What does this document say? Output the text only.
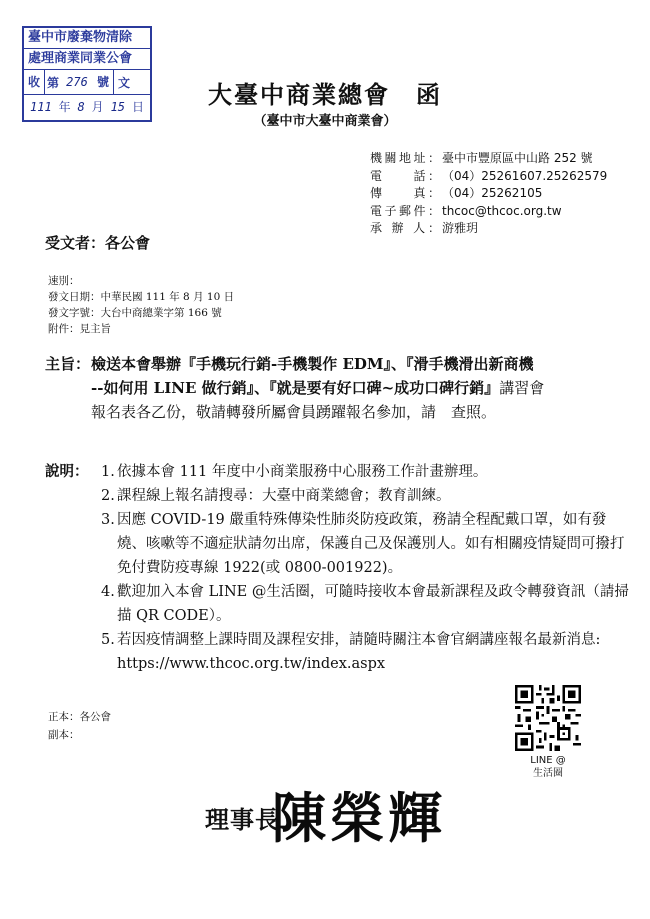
臺中市廢棄物清除
處理商業同業公會
收 第 276 號 文
111 年 8 月 15 日	大臺中商業總會　函
（臺中市大臺中商業會）
機關地址： 臺中市豐原區中山路 252 號
電　　話： （04）25261607.25262579
傳　　真： （04）25262105
電子郵件： thcoc@thcoc.org.tw
承 辦 人： 游雅玥
受文者：各公會
速別：
發文日期：中華民國 111 年 8 月 10 日
發文字號：大台中商總業字第 166 號
附件：見主旨
主旨： 檢送本會舉辦『手機玩行銷-手機製作 EDM』、『滑手機滑出新商機
--如何用 LINE 做行銷』、『就是要有好口碑~成功口碑行銷』講習會
報名表各乙份，敬請轉發所屬會員踴躍報名參加，請　查照。
說明： 1. 依據本會 111 年度中小商業服務中心服務工作計畫辦理。
2. 課程線上報名請搜尋：大臺中商業總會；教育訓練。
3. 因應 COVID-19 嚴重特殊傳染性肺炎防疫政策，務請全程配戴口罩，如有發燒、咳嗽等不適症狀請勿出席，保護自己及保護別人。如有相關疫情疑問可撥打免付費防疫專線 1922(或 0800-001922)。
4. 歡迎加入本會 LINE @生活圈，可隨時接收本會最新課程及政令轉發資訊（請掃描 QR CODE）。
5. 若因疫情調整上課時間及課程安排，請隨時關注本會官網講座報名最新消息: https://www.thcoc.org.tw/index.aspx
LINE @
生活圈
正本：各公會
副本：
理事長
陳榮輝
